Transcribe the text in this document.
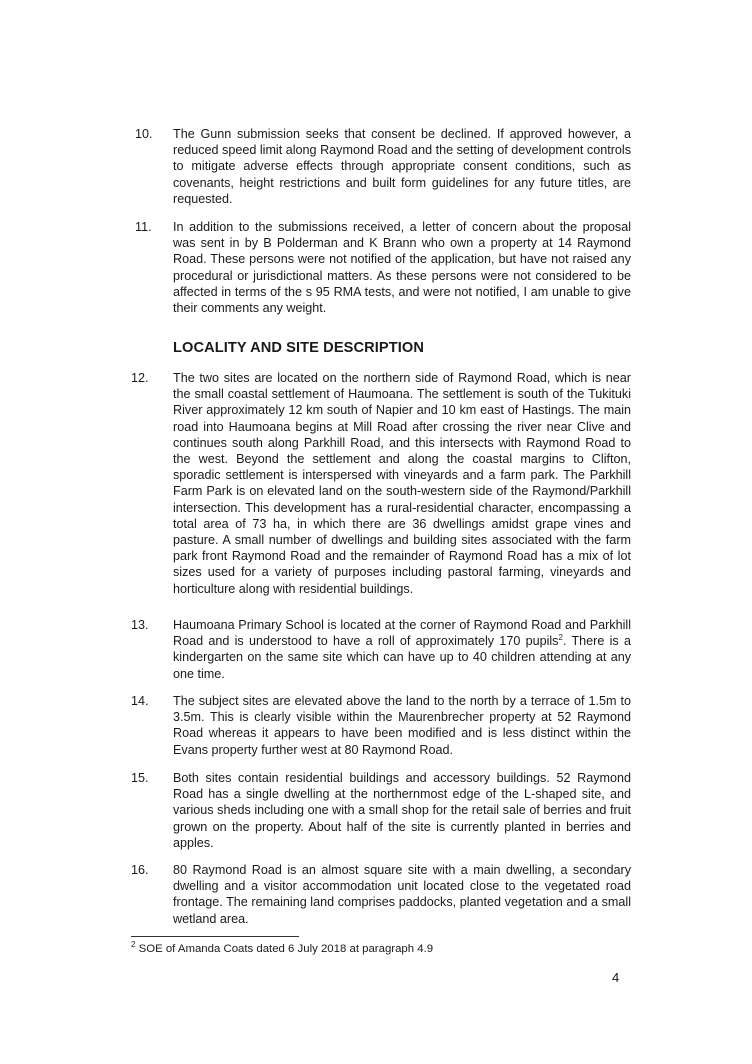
10.	The Gunn submission seeks that consent be declined. If approved however, a reduced speed limit along Raymond Road and the setting of development controls to mitigate adverse effects through appropriate consent conditions, such as covenants, height restrictions and built form guidelines for any future titles, are requested.
11.	In addition to the submissions received, a letter of concern about the proposal was sent in by B Polderman and K Brann who own a property at 14 Raymond Road. These persons were not notified of the application, but have not raised any procedural or jurisdictional matters. As these persons were not considered to be affected in terms of the s 95 RMA tests, and were not notified, I am unable to give their comments any weight.
LOCALITY AND SITE DESCRIPTION
12.	The two sites are located on the northern side of Raymond Road, which is near the small coastal settlement of Haumoana. The settlement is south of the Tukituki River approximately 12 km south of Napier and 10 km east of Hastings. The main road into Haumoana begins at Mill Road after crossing the river near Clive and continues south along Parkhill Road, and this intersects with Raymond Road to the west. Beyond the settlement and along the coastal margins to Clifton, sporadic settlement is interspersed with vineyards and a farm park. The Parkhill Farm Park is on elevated land on the south-western side of the Raymond/Parkhill intersection. This development has a rural-residential character, encompassing a total area of 73 ha, in which there are 36 dwellings amidst grape vines and pasture. A small number of dwellings and building sites associated with the farm park front Raymond Road and the remainder of Raymond Road has a mix of lot sizes used for a variety of purposes including pastoral farming, vineyards and horticulture along with residential buildings.
13.	Haumoana Primary School is located at the corner of Raymond Road and Parkhill Road and is understood to have a roll of approximately 170 pupils$^2$. There is a kindergarten on the same site which can have up to 40 children attending at any one time.
14.	The subject sites are elevated above the land to the north by a terrace of 1.5m to 3.5m. This is clearly visible within the Maurenbrecher property at 52 Raymond Road whereas it appears to have been modified and is less distinct within the Evans property further west at 80 Raymond Road.
15.	Both sites contain residential buildings and accessory buildings. 52 Raymond Road has a single dwelling at the northernmost edge of the L-shaped site, and various sheds including one with a small shop for the retail sale of berries and fruit grown on the property. About half of the site is currently planted in berries and apples.
16.	80 Raymond Road is an almost square site with a main dwelling, a secondary dwelling and a visitor accommodation unit located close to the vegetated road frontage. The remaining land comprises paddocks, planted vegetation and a small wetland area.
$^2$ SOE of Amanda Coats dated 6 July 2018 at paragraph 4.9
4
